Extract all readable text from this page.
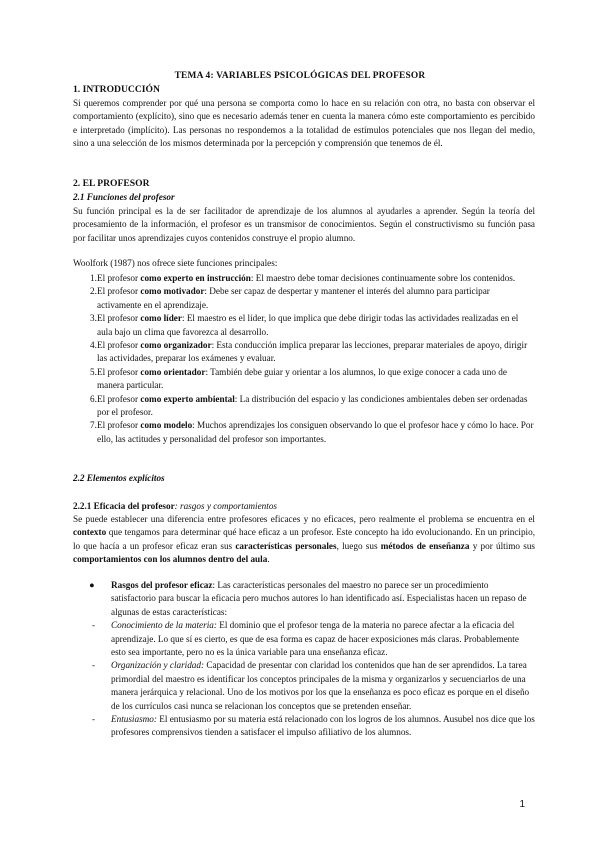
TEMA 4: VARIABLES PSICOLÓGICAS DEL PROFESOR
1. INTRODUCCIÓN
Si queremos comprender por qué una persona se comporta como lo hace en su relación con otra, no basta con observar el comportamiento (explícito), sino que es necesario además tener en cuenta la manera cómo este comportamiento es percibido e interpretado (implícito). Las personas no respondemos a la totalidad de estímulos potenciales que nos llegan del medio, sino a una selección de los mismos determinada por la percepción y comprensión que tenemos de él.
2. EL PROFESOR
2.1 Funciones del profesor
Su función principal es la de ser facilitador de aprendizaje de los alumnos al ayudarles a aprender. Según la teoría del procesamiento de la información, el profesor es un transmisor de conocimientos. Según el constructivismo su función pasa por facilitar unos aprendizajes cuyos contenidos construye el propio alumno.
Woolfork (1987) nos ofrece siete funciones principales:
1. El profesor como experto en instrucción: El maestro debe tomar decisiones continuamente sobre los contenidos.
2. El profesor como motivador: Debe ser capaz de despertar y mantener el interés del alumno para participar activamente en el aprendizaje.
3. El profesor como líder: El maestro es el líder, lo que implica que debe dirigir todas las actividades realizadas en el aula bajo un clima que favorezca al desarrollo.
4. El profesor como organizador: Esta conducción implica preparar las lecciones, preparar materiales de apoyo, dirigir las actividades, preparar los exámenes y evaluar.
5. El profesor como orientador: También debe guiar y orientar a los alumnos, lo que exige conocer a cada uno de manera particular.
6. El profesor como experto ambiental: La distribución del espacio y las condiciones ambientales deben ser ordenadas por el profesor.
7. El profesor como modelo: Muchos aprendizajes los consiguen observando lo que el profesor hace y cómo lo hace. Por ello, las actitudes y personalidad del profesor son importantes.
2.2 Elementos explícitos
2.2.1 Eficacia del profesor: rasgos y comportamientos
Se puede establecer una diferencia entre profesores eficaces y no eficaces, pero realmente el problema se encuentra en el contexto que tengamos para determinar qué hace eficaz a un profesor. Este concepto ha ido evolucionando. En un principio, lo que hacía a un profesor eficaz eran sus características personales, luego sus métodos de enseñanza y por último sus comportamientos con los alumnos dentro del aula.
● Rasgos del profesor eficaz: Las características personales del maestro no parece ser un procedimiento satisfactorio para buscar la eficacia pero muchos autores lo han identificado así. Especialistas hacen un repaso de algunas de estas características:
- Conocimiento de la materia: El dominio que el profesor tenga de la materia no parece afectar a la eficacia del aprendizaje. Lo que sí es cierto, es que de esa forma es capaz de hacer exposiciones más claras. Probablemente esto sea importante, pero no es la única variable para una enseñanza eficaz.
- Organización y claridad: Capacidad de presentar con claridad los contenidos que han de ser aprendidos. La tarea primordial del maestro es identificar los conceptos principales de la misma y organizarlos y secuenciarlos de una manera jerárquica y relacional. Uno de los motivos por los que la enseñanza es poco eficaz es porque en el diseño de los currículos casi nunca se relacionan los conceptos que se pretenden enseñar.
- Entusiasmo: El entusiasmo por su materia está relacionado con los logros de los alumnos. Ausubel nos dice que los profesores comprensivos tienden a satisfacer el impulso afiliativo de los alumnos.
1
